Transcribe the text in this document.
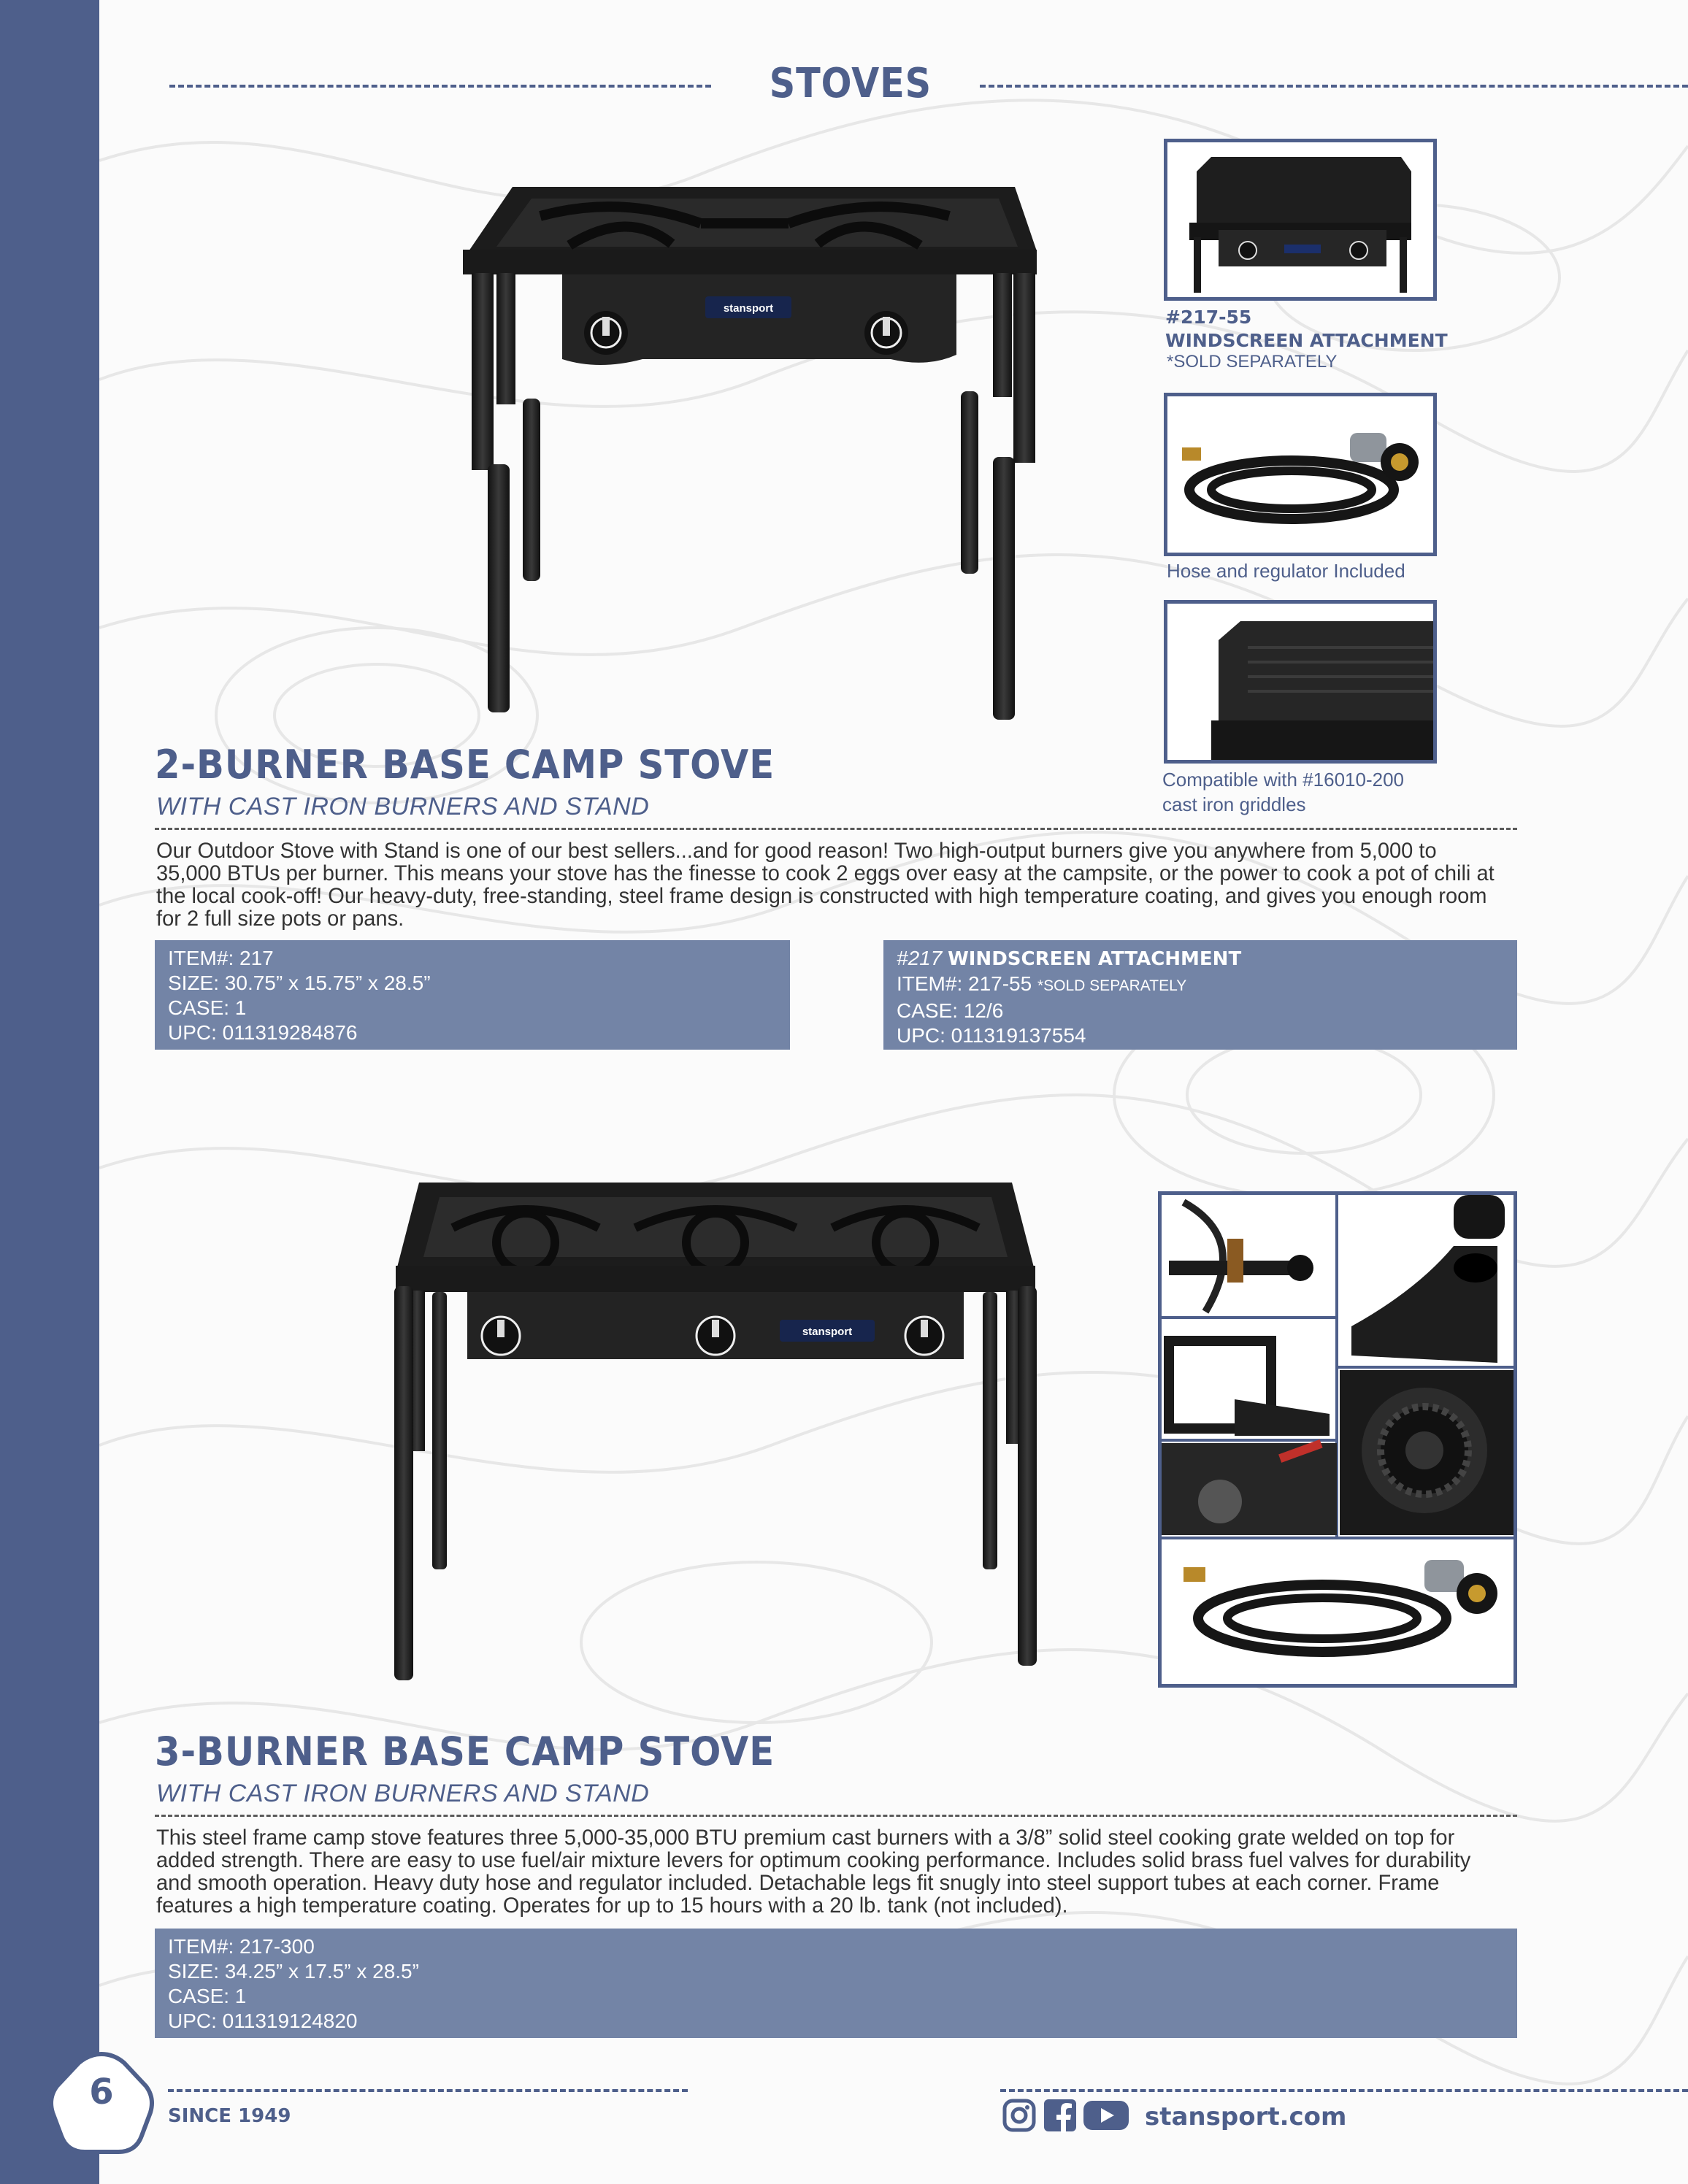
STOVES
stansport	#217-55
WINDSCREEN ATTACHMENT
*SOLD SEPARATELY
Hose and regulator Included
Compatible with #16010-200
cast iron griddles
2-BURNER BASE CAMP STOVE
WITH CAST IRON BURNERS AND STAND
Our Outdoor Stove with Stand is one of our best sellers...and for good reason! Two high-output burners give you anywhere from 5,000 to 35,000 BTUs per burner. This means your stove has the finesse to cook 2 eggs over easy at the campsite, or the power to cook a pot of chili at the local cook-off! Our heavy-duty, free-standing, steel frame design is constructed with high temperature coating, and gives you enough room for 2 full size pots or pans.
ITEM#: 217
SIZE: 30.75” x 15.75” x 28.5”
CASE: 1
UPC: 011319284876
#217 WINDSCREEN ATTACHMENT
ITEM#: 217-55 *SOLD SEPARATELY
CASE: 12/6
UPC: 011319137554
stansport
3-BURNER BASE CAMP STOVE
WITH CAST IRON BURNERS AND STAND
This steel frame camp stove features three 5,000-35,000 BTU premium cast burners with a 3/8” solid steel cooking grate welded on top for added strength. There are easy to use fuel/air mixture levers for optimum cooking performance. Includes solid brass fuel valves for durability and smooth operation. Heavy duty hose and regulator included. Detachable legs fit snugly into steel support tubes at each corner. Frame features a high temperature coating. Operates for up to 15 hours with a 20 lb. tank (not included).
ITEM#: 217-300
SIZE: 34.25” x 17.5” x 28.5”
CASE: 1
UPC: 011319124820
6
SINCE 1949	stansport.com
